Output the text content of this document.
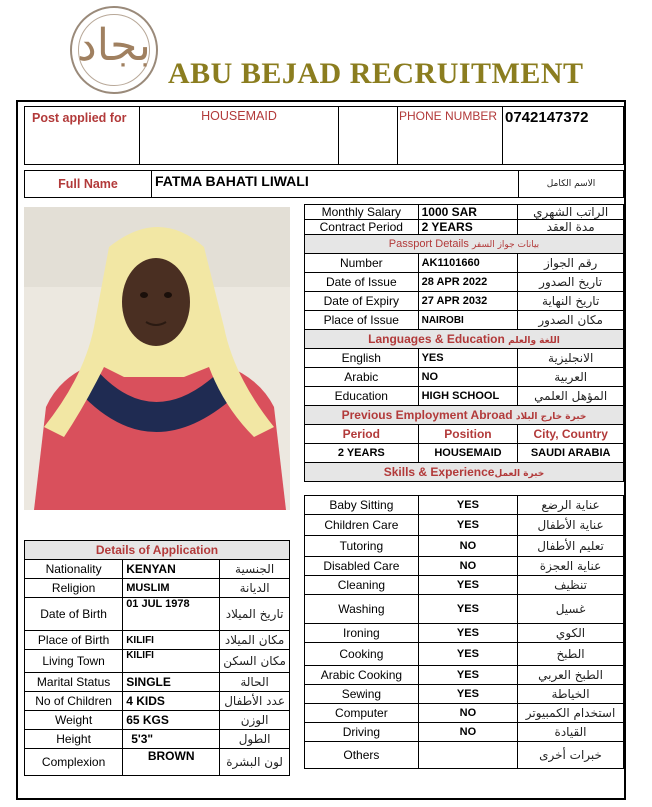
بجاد
ABU BEJAD RECRUITMENT
Post applied for	HOUSEMAID	PHONE NUMBER 0742147372
Full Name	FATMA BAHATI LIWALI	الاسم الكامل
Monthly Salary	1000 SAR	الراتب الشهري
Contract Period	2 YEARS	مدة العقد
Passport Details بيانات جواز السفر		
Number	AK1101660	رقم الجواز
Date of Issue	28 APR 2022	تاريخ الصدور
Date of Expiry	27 APR 2032	تاريخ النهاية
Place of Issue	NAIROBI	مكان الصدور
Languages & Education اللغة والعلم		
English	YES	الانجليزية
Arabic	NO	العربية
Education	HIGH SCHOOL	المؤهل العلمي
Previous Employment Abroad خبرة خارج البلاد		
Period	Position	City, Country
2 YEARS	HOUSEMAID	SAUDI ARABIA
Skills & Experienceخبرة العمل		
Baby Sitting	YES	عناية الرضع
Children Care	YES	عناية الأطفال
Tutoring	NO	تعليم الأطفال
Disabled Care	NO	عناية العجزة
Cleaning	YES	تنظيف
Washing	YES	غسيل
Ironing	YES	الكوي
Cooking	YES	الطبخ
Arabic Cooking	YES	الطبخ العربي
Sewing	YES	الخياطة
Computer	NO	استخدام الكمبيوتر
Driving	NO	القيادة
Others		خبرات أخرى
Details of Application		
Nationality	KENYAN	الجنسية
Religion	MUSLIM	الديانة
Date of Birth	01 JUL 1978	تاريخ الميلاد
Place of Birth	KILIFI	مكان الميلاد
Living Town	KILIFI	مكان السكن
Marital Status	SINGLE	الحالة
No of Children	4 KIDS	عدد الأطفال
Weight	65 KGS	الوزن
Height	5'3"	الطول
Complexion	BROWN	لون البشرة
